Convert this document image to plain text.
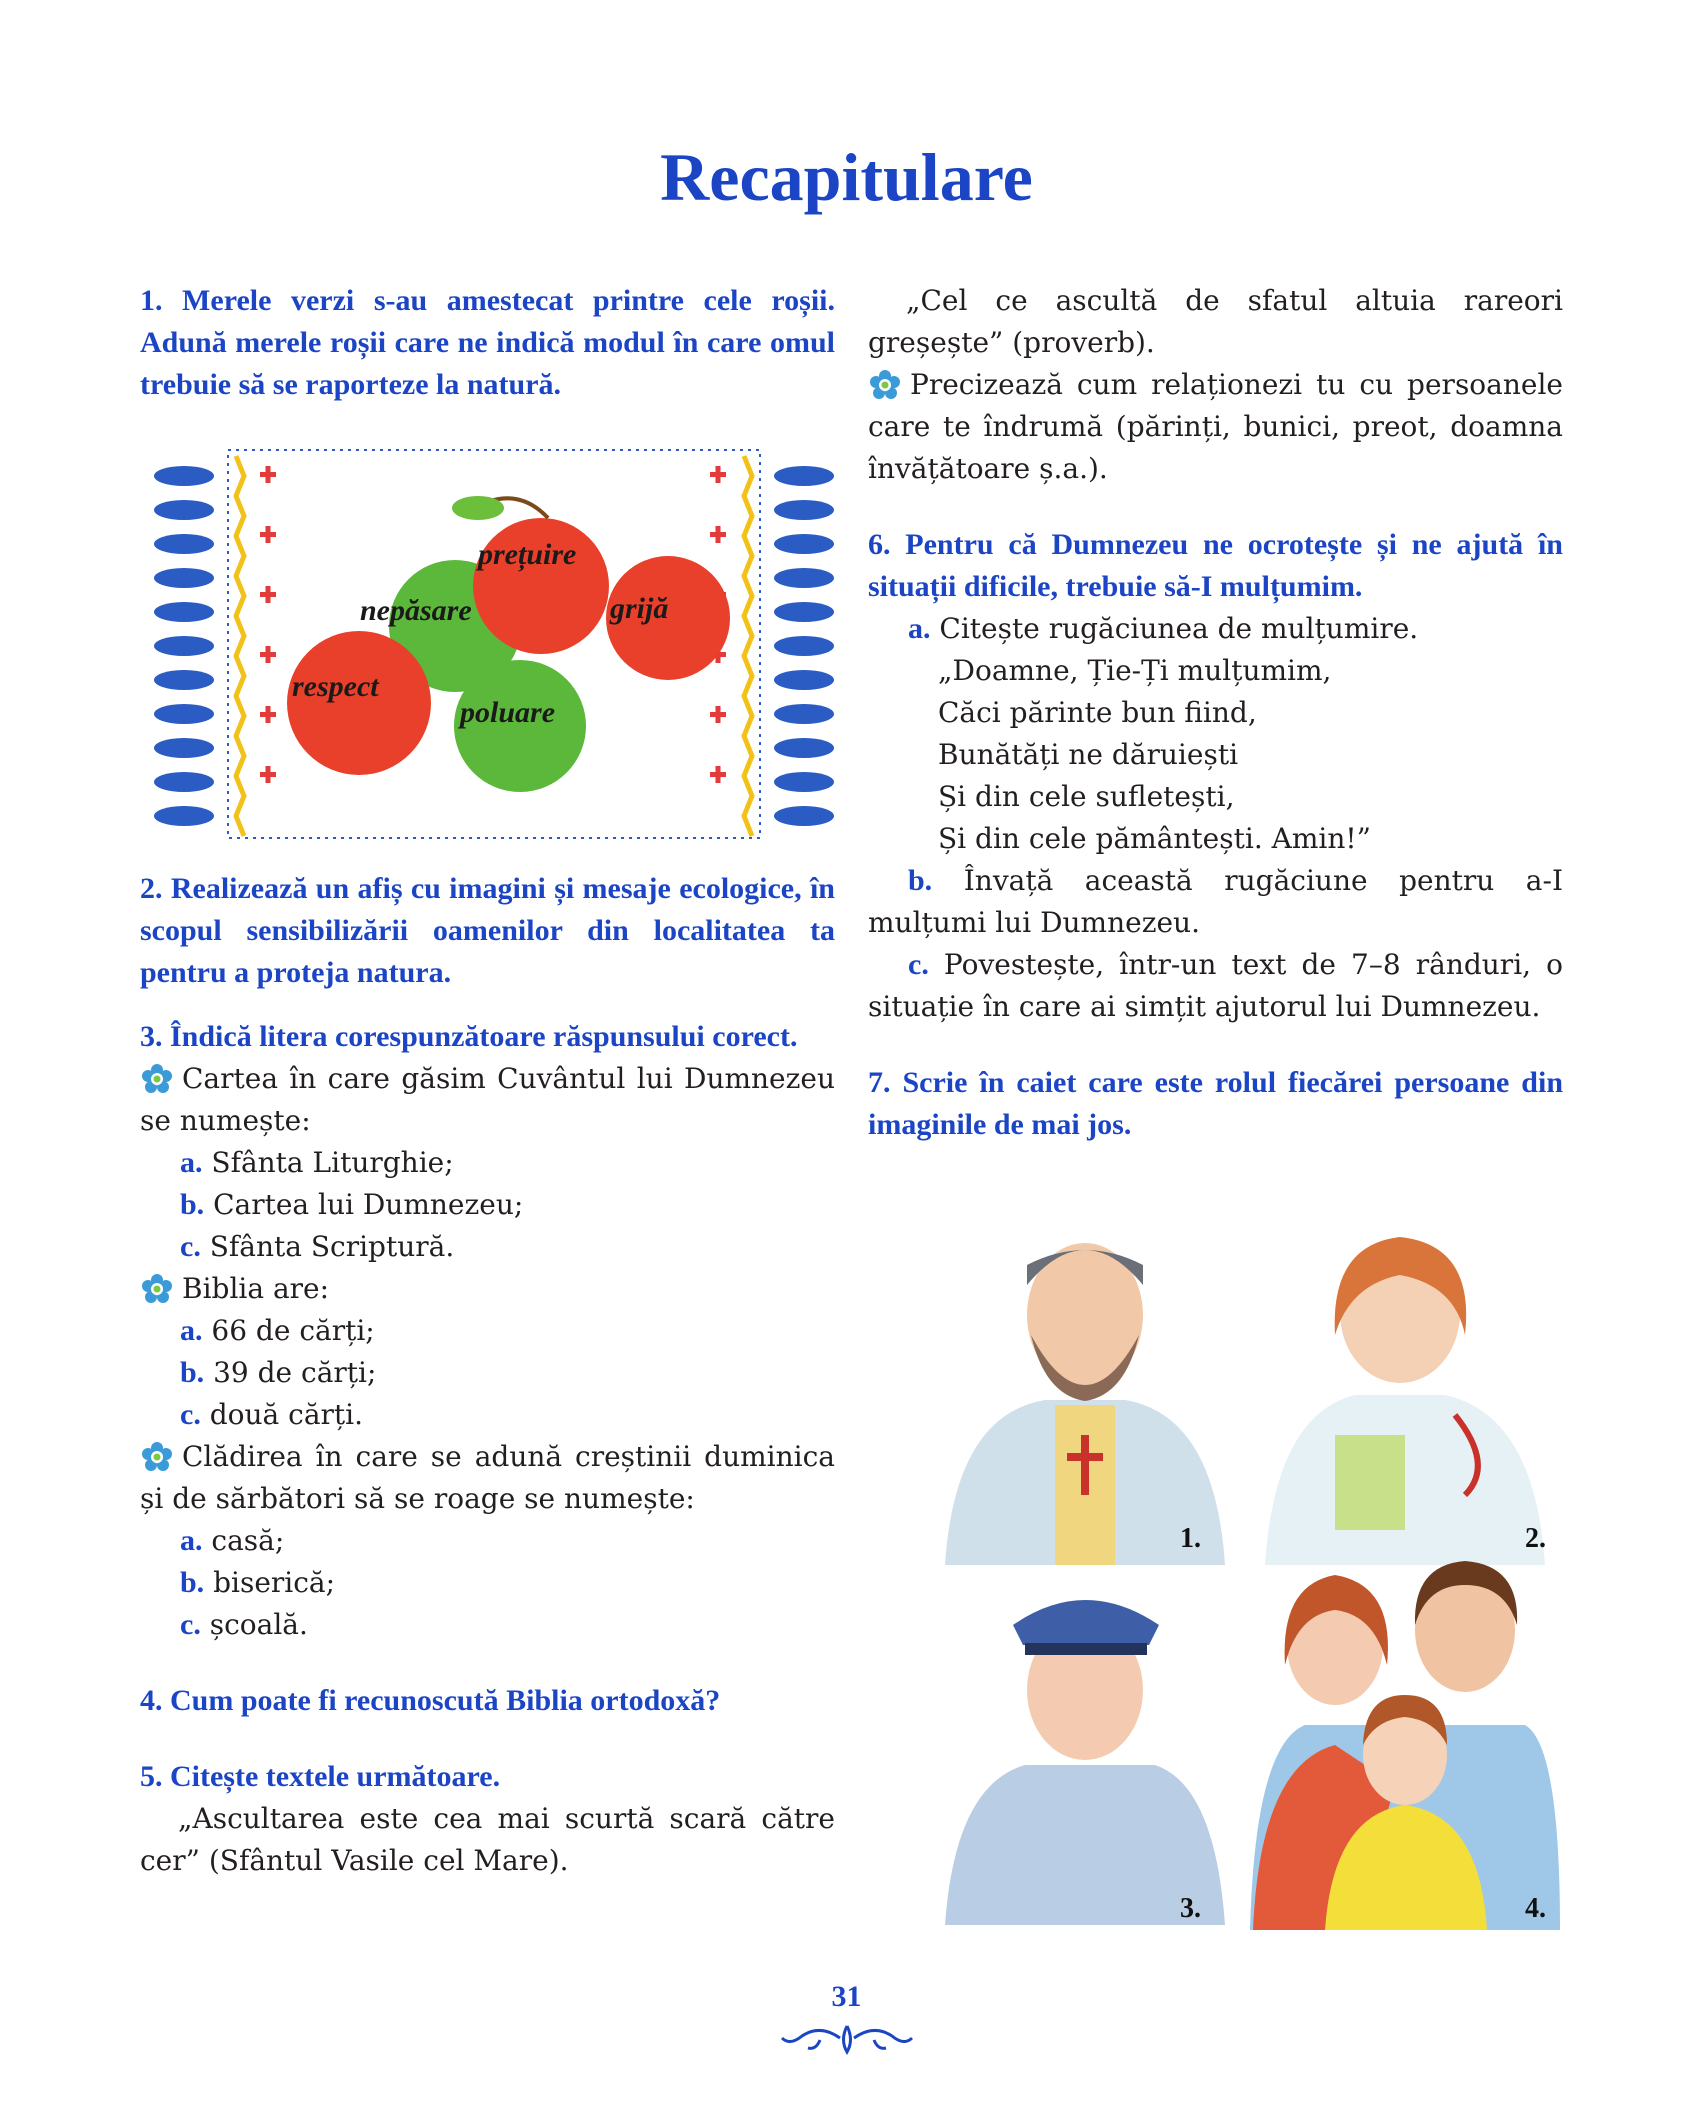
Recapitulare

1. Merele verzi s-au amestecat printre cele roșii. Adună merele roșii care ne indică modul în care omul trebuie să se raporteze la natură.

prețuire
nepăsare	grijă
respect
poluare

2. Realizează un afiș cu imagini și mesaje ecologice, în scopul sensibilizării oamenilor din localitatea ta pentru a proteja natura.

3. Îndică litera corespunzătoare răspunsului corect.

Cartea în care găsim Cuvântul lui Dumnezeu se numește:

a. Sfânta Liturghie;

b. Cartea lui Dumnezeu;

c. Sfânta Scriptură.

Biblia are:

a. 66 de cărți;

b. 39 de cărți;

c. două cărți.

Clădirea în care se adună creștinii duminica și de sărbători să se roage se numește:

a. casă;

b. biserică;

c. școală.

4. Cum poate fi recunoscută Biblia ortodoxă?

5. Citește textele următoare.

„Ascultarea este cea mai scurtă scară către cer” (Sfântul Vasile cel Mare).

„Cel ce ascultă de sfatul altuia rareori greșește” (proverb).

Precizează cum relaționezi tu cu persoanele care te îndrumă (părinți, bunici, preot, doamna învățătoare ș.a.).

6. Pentru că Dumnezeu ne ocrotește și ne ajută în situații dificile, trebuie să-I mulțumim.

a. Citește rugăciunea de mulțumire.

„Doamne, Ție-Ți mulțumim,

Căci părinte bun fiind,

Bunătăți ne dăruiești

Și din cele sufletești,

Și din cele pământești. Amin!”

b. Învață această rugăciune pentru a-I mulțumi lui Dumnezeu.

c. Povestește, într-un text de 7–8 rânduri, o situație în care ai simțit ajutorul lui Dumnezeu.

7. Scrie în caiet care este rolul fiecărei persoane din imaginile de mai jos.

1.	2.
3.	4.
31
